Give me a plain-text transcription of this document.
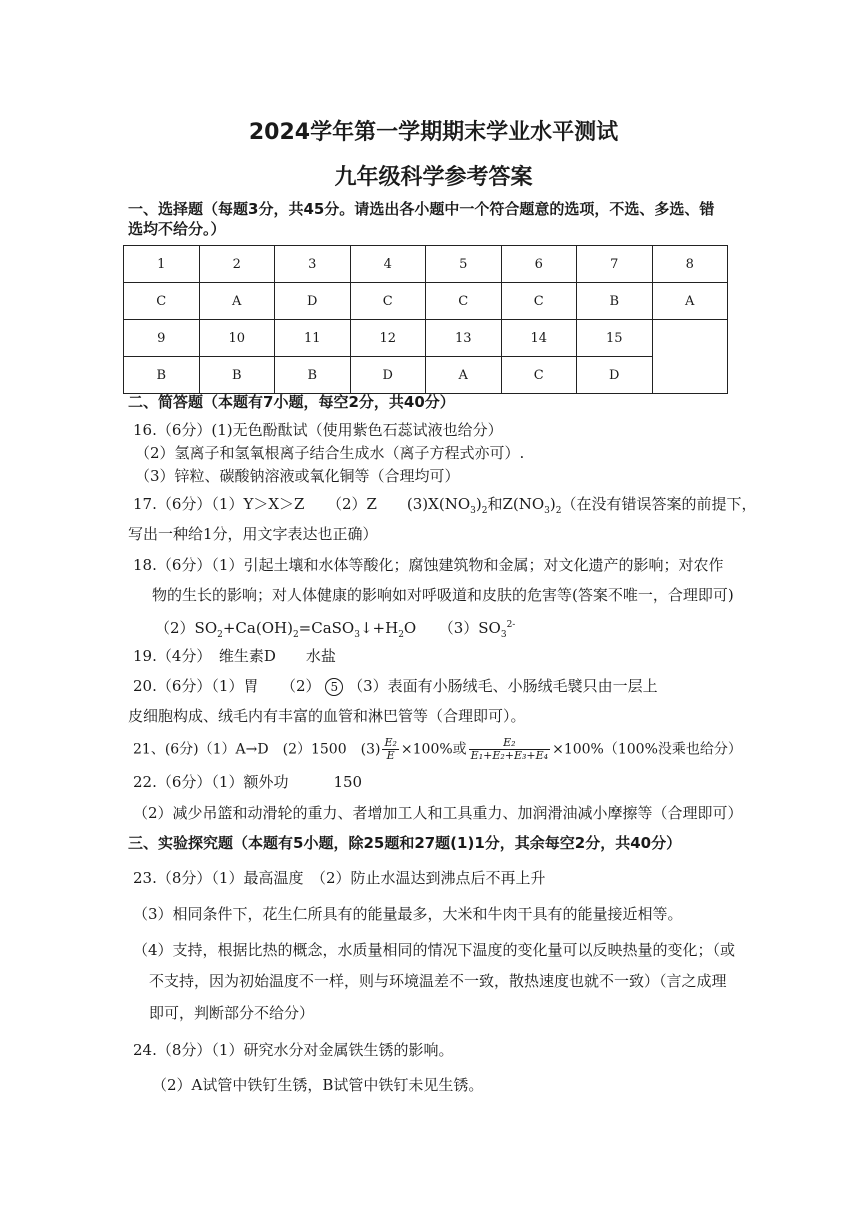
2024学年第一学期期末学业水平测试
九年级科学参考答案
一、选择题（每题3分，共45分。请选出各小题中一个符合题意的选项，不选、多选、错
选均不给分。）
1	2	3	4	5	6	7	8
C	A	D	C	C	C	B	A
9	10	11	12	13	14	15	
B	B	B	D	A	C	D	
二、简答题（本题有7小题，每空2分，共40分）
16.（6分）(1)无色酚酞试（使用紫色石蕊试液也给分）
（2）氢离子和氢氧根离子结合生成水（离子方程式亦可）.
（3）锌粒、碳酸钠溶液或氧化铜等（合理均可）
17.（6分）（1）Y＞X＞Z　　（2）Z　　$(3)X(NO_3)_2$和$Z(NO_3)_2$（在没有错误答案的前提下，
写出一种给1分，用文字表达也正确）
18.（6分）（1）引起土壤和水体等酸化；腐蚀建筑物和金属；对文化遗产的影响；对农作
物的生长的影响；对人体健康的影响如对呼吸道和皮肤的危害等(答案不唯一，合理即可)
$(2)SO_2+Ca(OH)_2=CaSO_3↓+H_2O$　　$(3)SO_3^{2-}$
19.（4分）　维生素D　　水盐
20.（6分）（1）胃　　（2） 5 （3）表面有小肠绒毛、小肠绒毛襞只由一层上
皮细胞构成、绒毛内有丰富的血管和淋巴管等（合理即可）。
21、(6分)（1）A→D　(2）1500　$(3) \frac{\text{E₂}}{E} \times 100\%$或 $\frac{\text{E₂}}{\text{E₁+E₂+E₃+E₄}} \times 100\%(100\%$没乘也给分）
22.（6分）（1）额外功　　　150
（2）减少吊篮和动滑轮的重力、者增加工人和工具重力、加润滑油减小摩擦等（合理即可）
三、实验探究题（本题有5小题，除25题和27题(1)1分，其余每空2分，共40分）
23.（8分）（1）最高温度　（2）防止水温达到沸点后不再上升
（3）相同条件下，花生仁所具有的能量最多，大米和牛肉干具有的能量接近相等。
（4）支持，根据比热的概念，水质量相同的情况下温度的变化量可以反映热量的变化；（或
不支持，因为初始温度不一样，则与环境温差不一致，散热速度也就不一致）（言之成理
即可，判断部分不给分）
24.（8分）（1）研究水分对金属铁生锈的影响。
（2）A试管中铁钉生锈，B试管中铁钉未见生锈。
